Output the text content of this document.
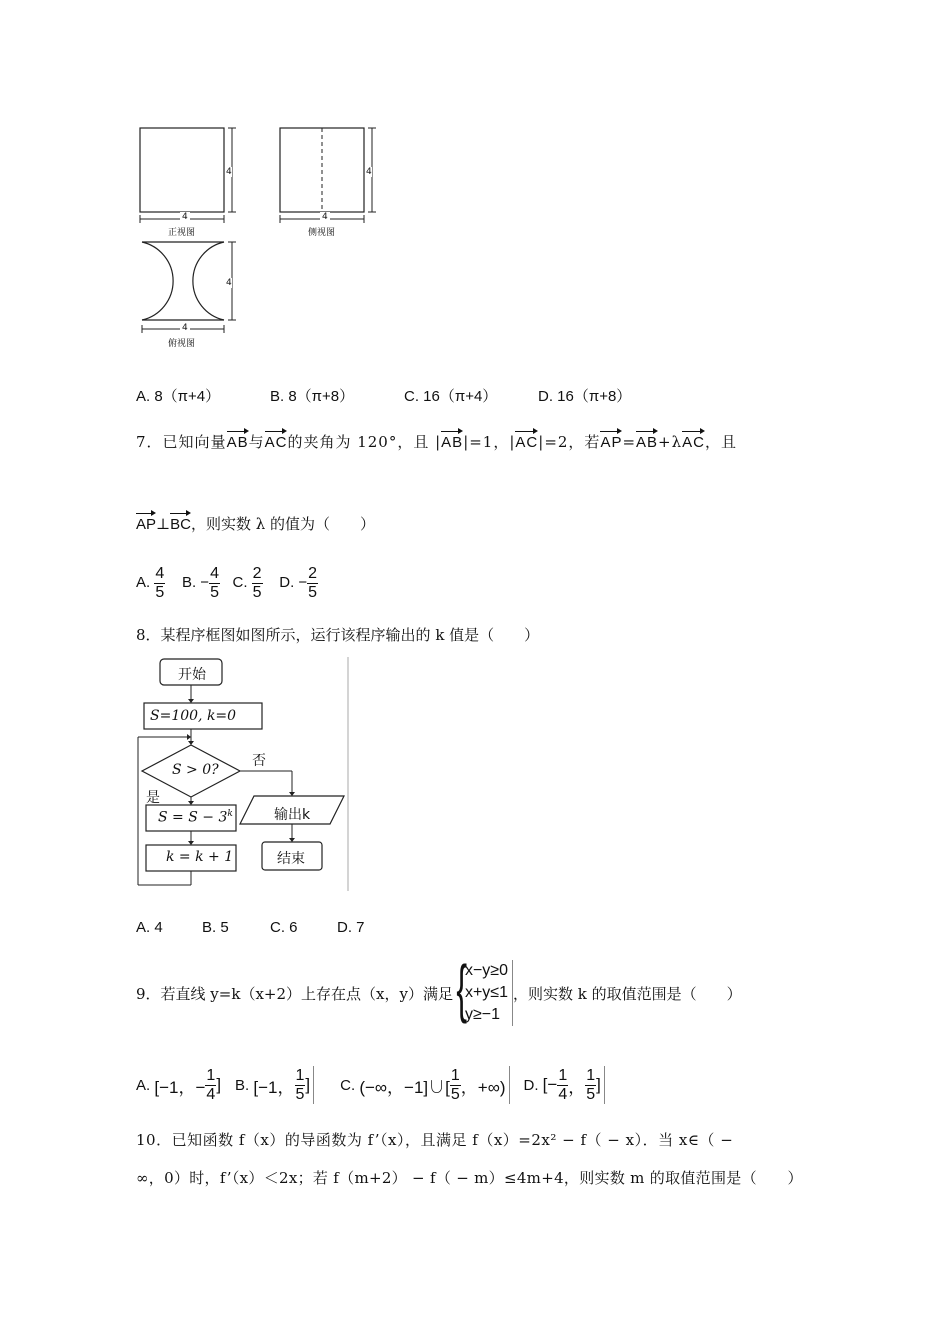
4
4
正视图
4
4
侧视图
4
4
俯视图
A. 8（π+4）	B. 8（π+8）	C. 16（π+4）	D. 16（π+8）
7．已知向量AB与AC的夹角为 120°，且 |AB|=1，|AC|=2，若AP=AB+λAC，且
AP⊥BC，则实数 λ 的值为（　　）
A. $\frac{4}{5} B$. − $\frac{4}{5} C$. $\frac{2}{5} D$. − $\frac{2}{5}$
8．某程序框图如图所示，运行该程序输出的 k 值是（　　）
开始
S=100, k=0
S > 0?
否
是
$S = S - 3^k$	输出k
k = k + 1	结束
A. 4	B. 5	C. 6	D. 7
9．若直线 y=k（x+2）上存在点（x，y）满足
{ x−y≥0
x+y≤1
y≥−1
，则实数 k 的取值范围是（　　）
A.
[−1，− $\frac{1}{4}$ ] B.
[−1， $\frac{1}{5}$ ] C.
(−∞，−1]∪[ $\frac{1}{5}$ ，+∞) D.
[− $\frac{1}{4}$ ， $\frac{1}{5}$ ]
10．已知函数 f（x）的导函数为 f’（x），且满足 f（x）=2x² − f（ − x）．当 x∈（ −
∞，0）时，f’（x）＜2x；若 f（m+2） − f（ − m）≤4m+4，则实数 m 的取值范围是（　　）
